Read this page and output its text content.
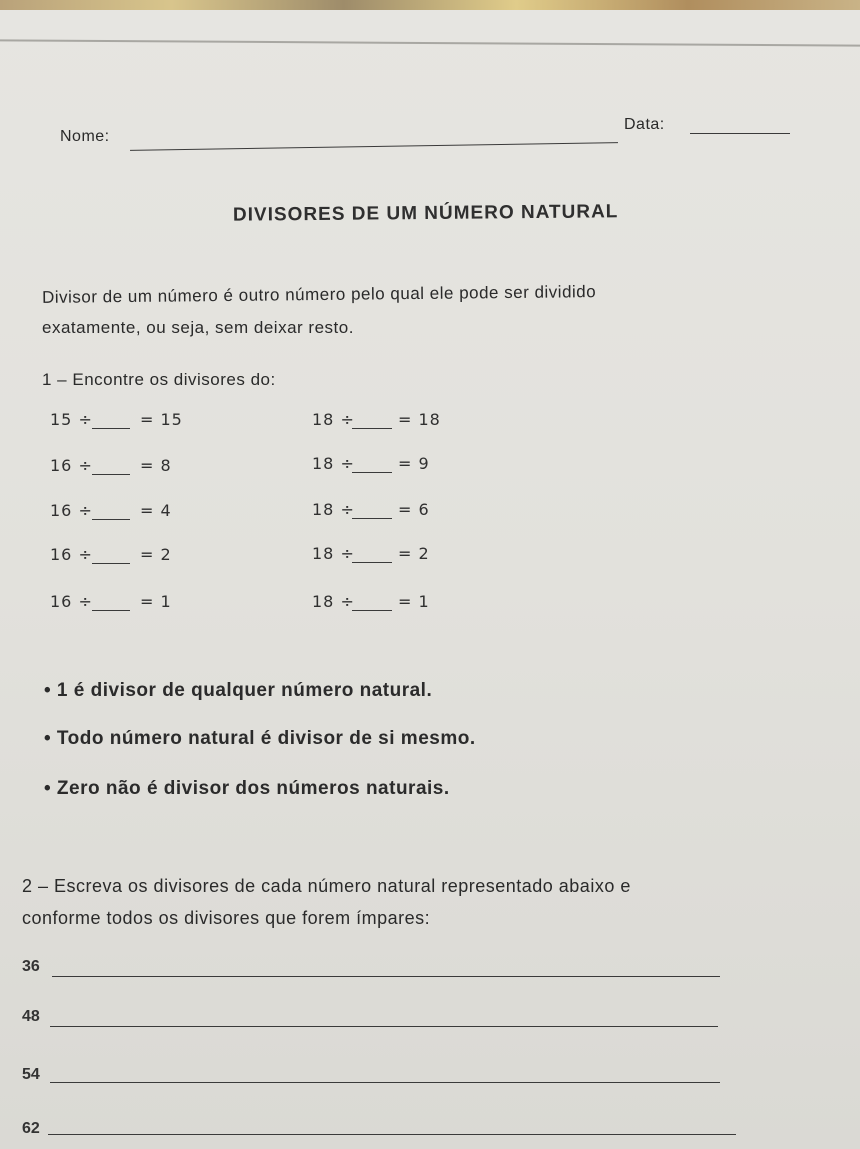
Nome:
Data:
DIVISORES DE UM NÚMERO NATURAL
Divisor de um número é outro número pelo qual ele pode ser dividido
exatamente, ou seja, sem deixar resto.
1 – Encontre os divisores do:
15 ÷	= 15
16 ÷	= 8
16 ÷	= 4
16 ÷	= 2
16 ÷	= 1
18 ÷	= 18
18 ÷	= 9
18 ÷	= 6
18 ÷	= 2
18 ÷	= 1
• 1 é divisor de qualquer número natural.
• Todo número natural é divisor de si mesmo.
• Zero não é divisor dos números naturais.
2 – Escreva os divisores de cada número natural representado abaixo e
conforme todos os divisores que forem ímpares:
36
48
54
62
